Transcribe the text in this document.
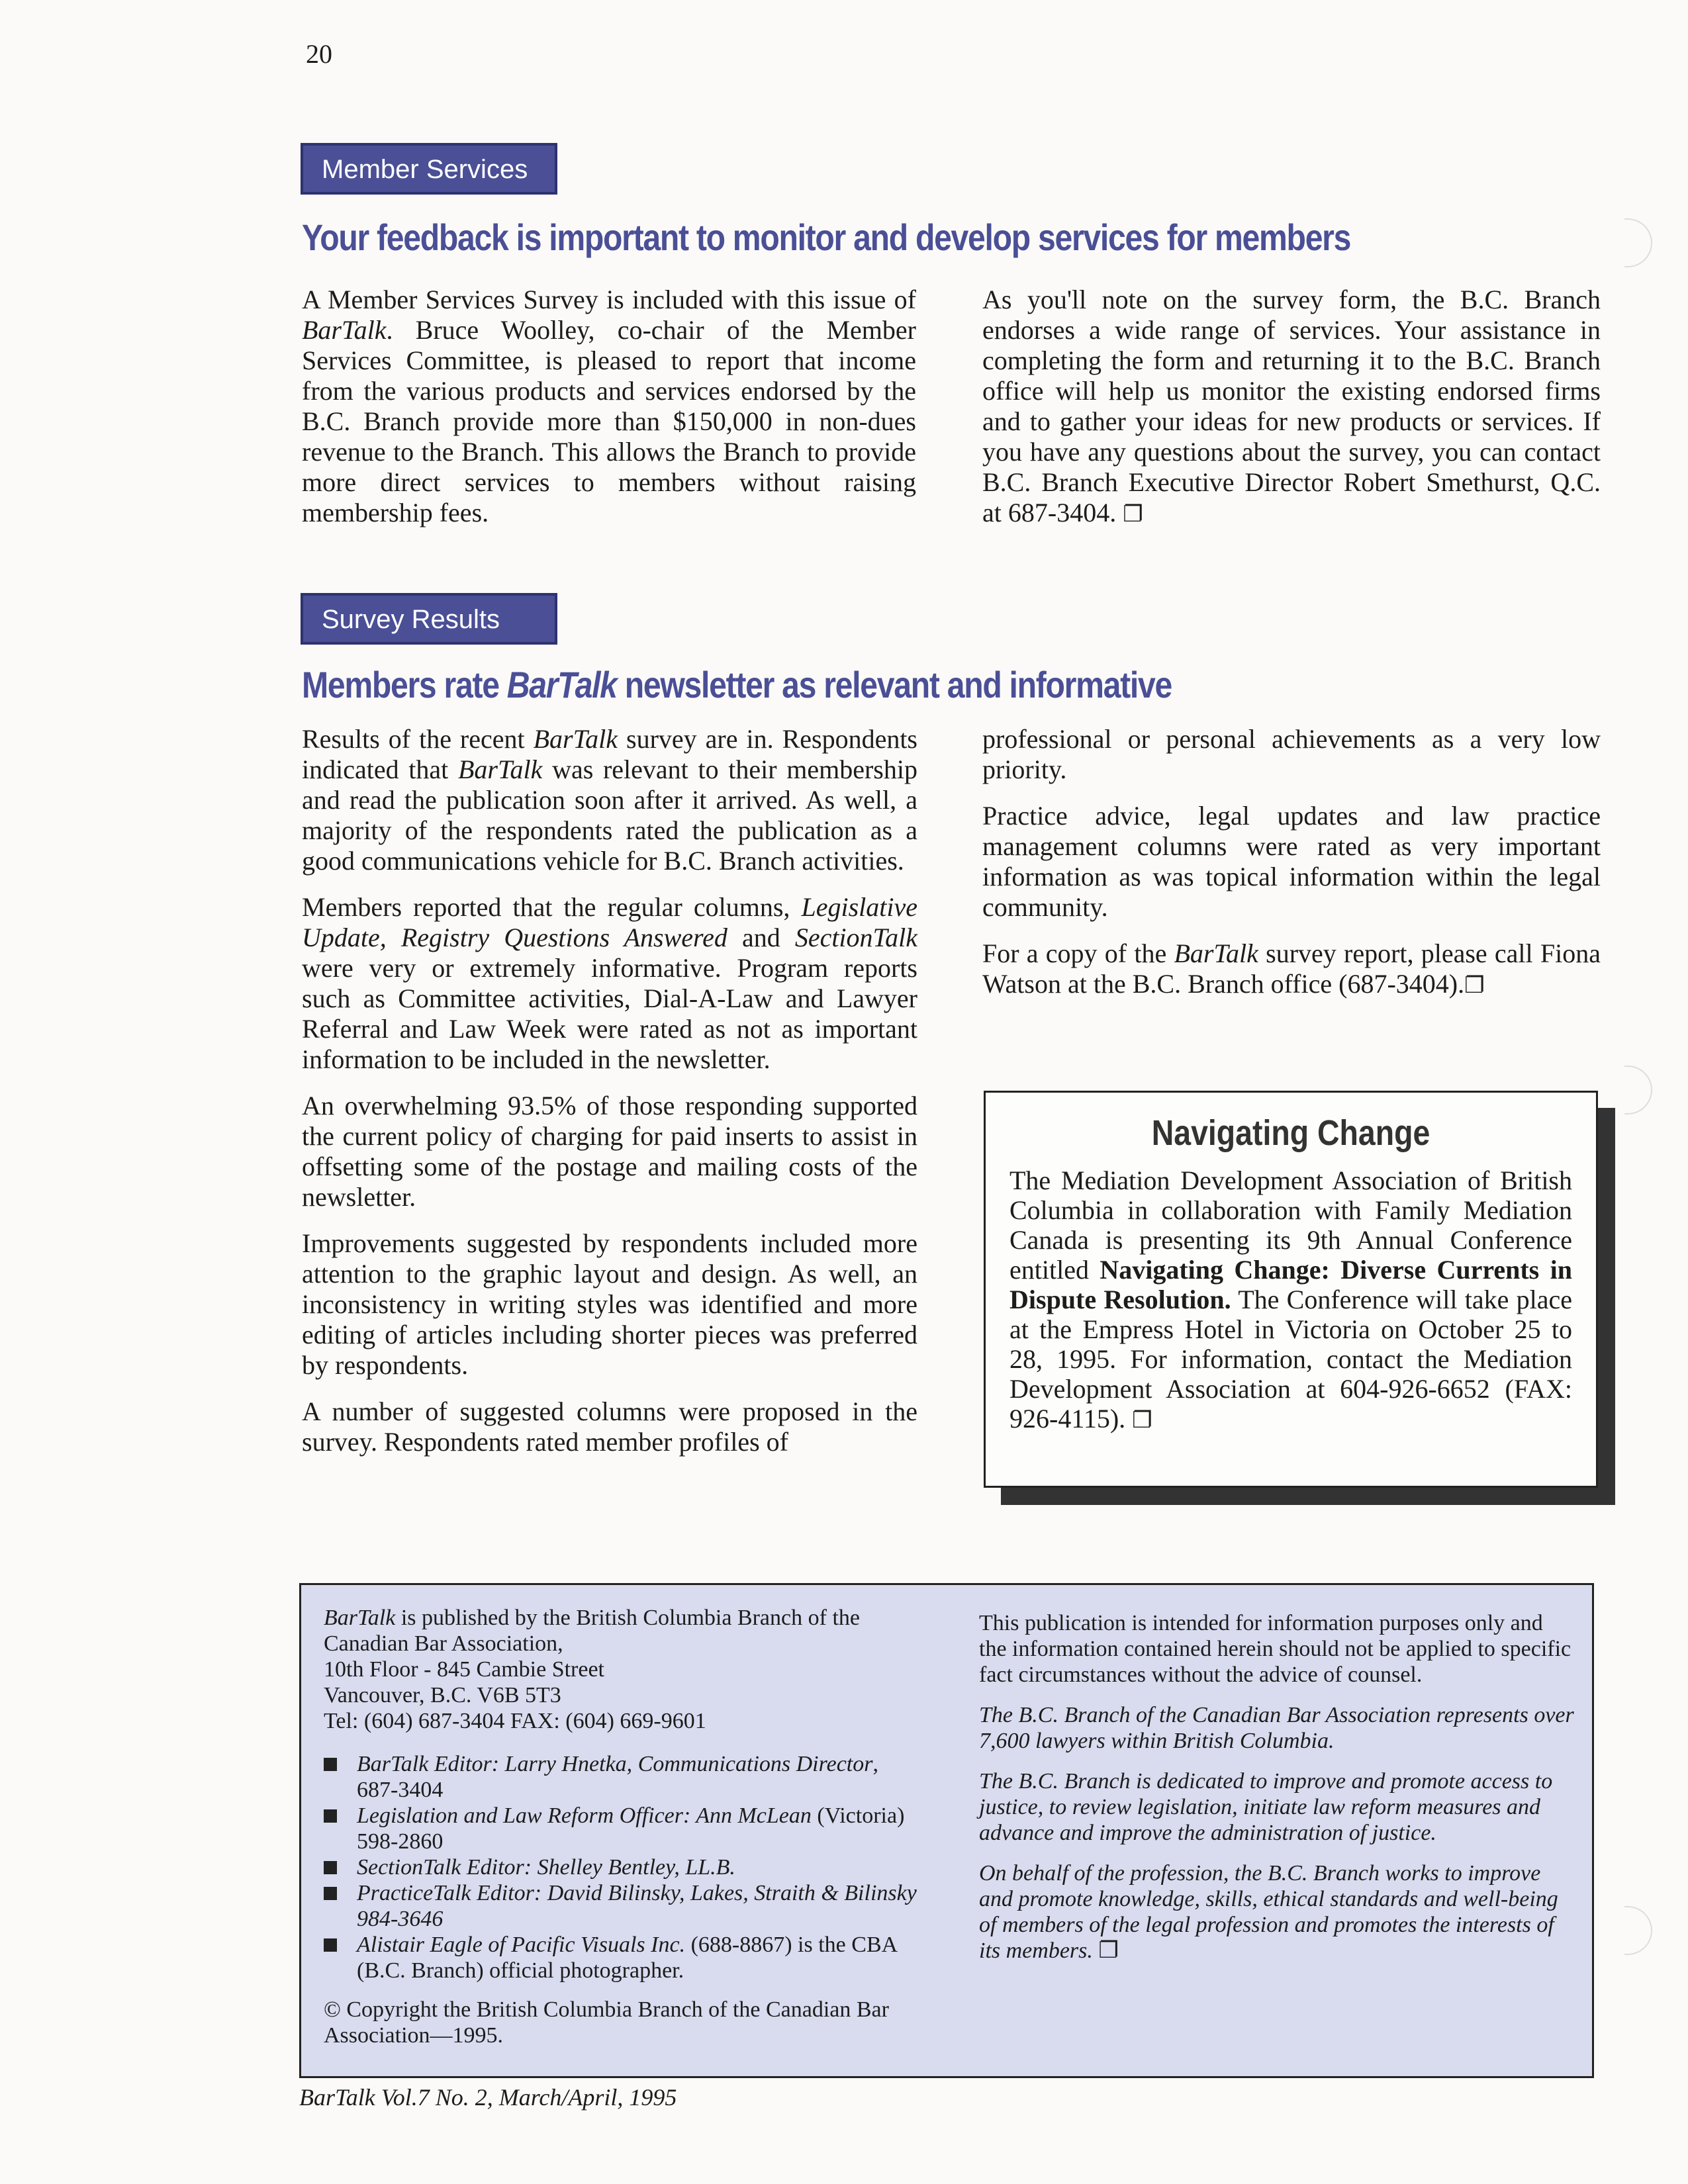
20
Member Services
Your feedback is important to monitor and develop services for members

A Member Services Survey is included with this issue of BarTalk. Bruce Woolley, co-chair of the Member Services Committee, is pleased to report that income from the various products and services endorsed by the B.C. Branch provide more than $150,000 in non-dues revenue to the Branch. This allows the Branch to provide more direct services to members without raising membership fees.

As you'll note on the survey form, the B.C. Branch endorses a wide range of services. Your assistance in completing the form and returning it to the B.C. Branch office will help us monitor the existing endorsed firms and to gather your ideas for new products or services. If you have any questions about the survey, you can contact B.C. Branch Executive Director Robert Smethurst, Q.C. at 687-3404. ❐

Survey Results
Members rate BarTalk newsletter as relevant and informative

Results of the recent BarTalk survey are in. Respondents indicated that BarTalk was relevant to their membership and read the publication soon after it arrived. As well, a majority of the respondents rated the publication as a good communications vehicle for B.C. Branch activities.

Members reported that the regular columns, Legislative Update, Registry Questions Answered and SectionTalk were very or extremely informative. Program reports such as Committee activities, Dial-A-Law and Lawyer Referral and Law Week were rated as not as important information to be included in the newsletter.

An overwhelming 93.5% of those responding supported the current policy of charging for paid inserts to assist in offsetting some of the postage and mailing costs of the newsletter.

Improvements suggested by respondents included more attention to the graphic layout and design. As well, an inconsistency in writing styles was identified and more editing of articles including shorter pieces was preferred by respondents.

A number of suggested columns were proposed in the survey. Respondents rated member profiles of

professional or personal achievements as a very low priority.

Practice advice, legal updates and law practice management columns were rated as very important information as was topical information within the legal community.

For a copy of the BarTalk survey report, please call Fiona Watson at the B.C. Branch office (687-3404).❐

Navigating Change
The Mediation Development Association of British Columbia in collaboration with Family Mediation Canada is presenting its 9th Annual Conference entitled Navigating Change: Diverse Currents in Dispute Resolution. The Conference will take place at the Empress Hotel in Victoria on October 25 to 28, 1995. For information, contact the Mediation Development Association at 604-926-6652 (FAX: 926-4115). ❐

BarTalk is published by the British Columbia Branch of the Canadian Bar Association,
10th Floor - 845 Cambie Street
Vancouver, B.C. V6B 5T3
Tel: (604) 687-3404 FAX: (604) 669-9601

BarTalk Editor: Larry Hnetka, Communications Director, 687-3404
Legislation and Law Reform Officer: Ann McLean (Victoria) 598-2860
SectionTalk Editor: Shelley Bentley, LL.B.
PracticeTalk Editor: David Bilinsky, Lakes, Straith & Bilinsky 984-3646
Alistair Eagle of Pacific Visuals Inc. (688-8867) is the CBA (B.C. Branch) official photographer.

© Copyright the British Columbia Branch of the Canadian Bar Association—1995.

This publication is intended for information purposes only and the information contained herein should not be applied to specific fact circumstances without the advice of counsel.

The B.C. Branch of the Canadian Bar Association represents over 7,600 lawyers within British Columbia.

The B.C. Branch is dedicated to improve and promote access to justice, to review legislation, initiate law reform measures and advance and improve the administration of justice.

On behalf of the profession, the B.C. Branch works to improve and promote knowledge, skills, ethical standards and well-being of members of the legal profession and promotes the interests of its members. ❐

BarTalk Vol.7 No. 2, March/April, 1995
